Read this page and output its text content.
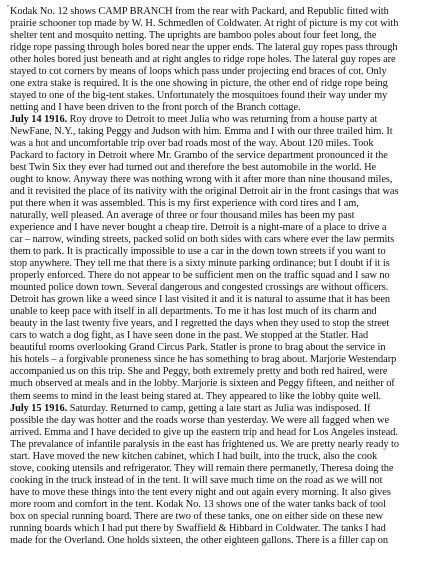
,
Kodak No. 12 shows CAMP BRANCH from the rear with Packard, and Republic fitted with
prairie schooner top made by W. H. Schmedlen of Coldwater. At right of picture is my cot with
shelter tent and mosquito netting. The uprights are bamboo poles about four feet long, the
ridge rope passing through holes bored near the upper ends. The lateral guy ropes pass through
other holes bored just beneath and at right angles to ridge rope holes. The lateral guy ropes are
stayed to cot corners by means of loops which pass under projecting end braces of cot. Only
one extra stake is required. It is the one showing in picture, the other end of ridge rope being
stayed to one of the big-tent stakes. Unfortunately the mosquitoes found their way under my
netting and I have been driven to the front porch of the Branch cottage.
July 14 1916. Roy drove to Detroit to meet Julia who was returning from a house party at
NewFane, N.Y., taking Peggy and Judson with him. Emma and I with our three trailed him. It
was a hot and uncomfortable trip over bad roads most of the way. About 120 miles. Took
Packard to factory in Detroit where Mr. Grambo of the service department pronounced it the
best Twin Six they ever had turned out and therefore the best automobile in the world. He
ought to know. Anyway there was nothing wrong with it after more than nine thousand miles,
and it revisited the place of its nativity with the original Detroit air in the front casings that was
put there when it was assembled. This is my first experience with cord tires and I am,
naturally, well pleased. An average of three or four thousand miles has been my past
experience and I have never bought a cheap tire. Detroit is a night-mare of a place to drive a
car – narrow, winding streets, packed solid on both sides with cars where ever the law permits
them to park. It is practically impossible to use a car in the down town streets if you want to
stop anywhere. They tell me that there is a sixty minute parking ordinance; but I doubt if it is
properly enforced. There do not appear to be sufficient men on the traffic squad and I saw no
mounted police down town. Several dangerous and congested crossings are without officers.
Detroit has grown like a weed since I last visited it and it is natural to assume that it has been
unable to keep pace with itself in all departments. To me it has lost much of its charm and
beauty in the last twenty five years, and I regretted the days when they used to stop the street
cars to watch a dog fight, as I have seen done in the past. We stopped at the Statler. Had
beautiful rooms overlooking Grand Circus Park. Statler is prone to brag about the service in
his hotels – a forgivable proneness since he has something to brag about. Marjorie Westendarp
accompanied us on this trip. She and Peggy, both extremely pretty and both red haired, were
much observed at meals and in the lobby. Marjorie is sixteen and Peggy fifteen, and neither of
them seems to mind in the least being stared at. They appeared to like the lobby quite well.
July 15 1916. Saturday. Returned to camp, getting a late start as Julia was indisposed. If
possible the day was hotter and the roads worse than yesterday. We were all fagged when we
arrived. Emma and I have decided to give up the eastern trip and head for Los Angeles instead.
The prevalance of infantile paralysis in the east has frightened us. We are pretty nearly ready to
start. Have moved the new kitchen cabinet, which I had built, into the truck, also the cook
stove, cooking utensils and refrigerator. They will remain there permanetly, Theresa doing the
cooking in the truck instead of in the tent. It will save much time on the road as we will not
have to move these things into the tent every night and out again every morning. It also gives
more room and comfort in the tent. Kodak No. 13 shows one of the water tanks back of tool
box on special running board. There are two of these tanks, one on either side on these new
running boards which I had put there by Swaffield & Hibbard in Coldwater. The tanks I had
made for the Overland. One holds sixteen, the other eighteen gallons. There is a filler cap on
